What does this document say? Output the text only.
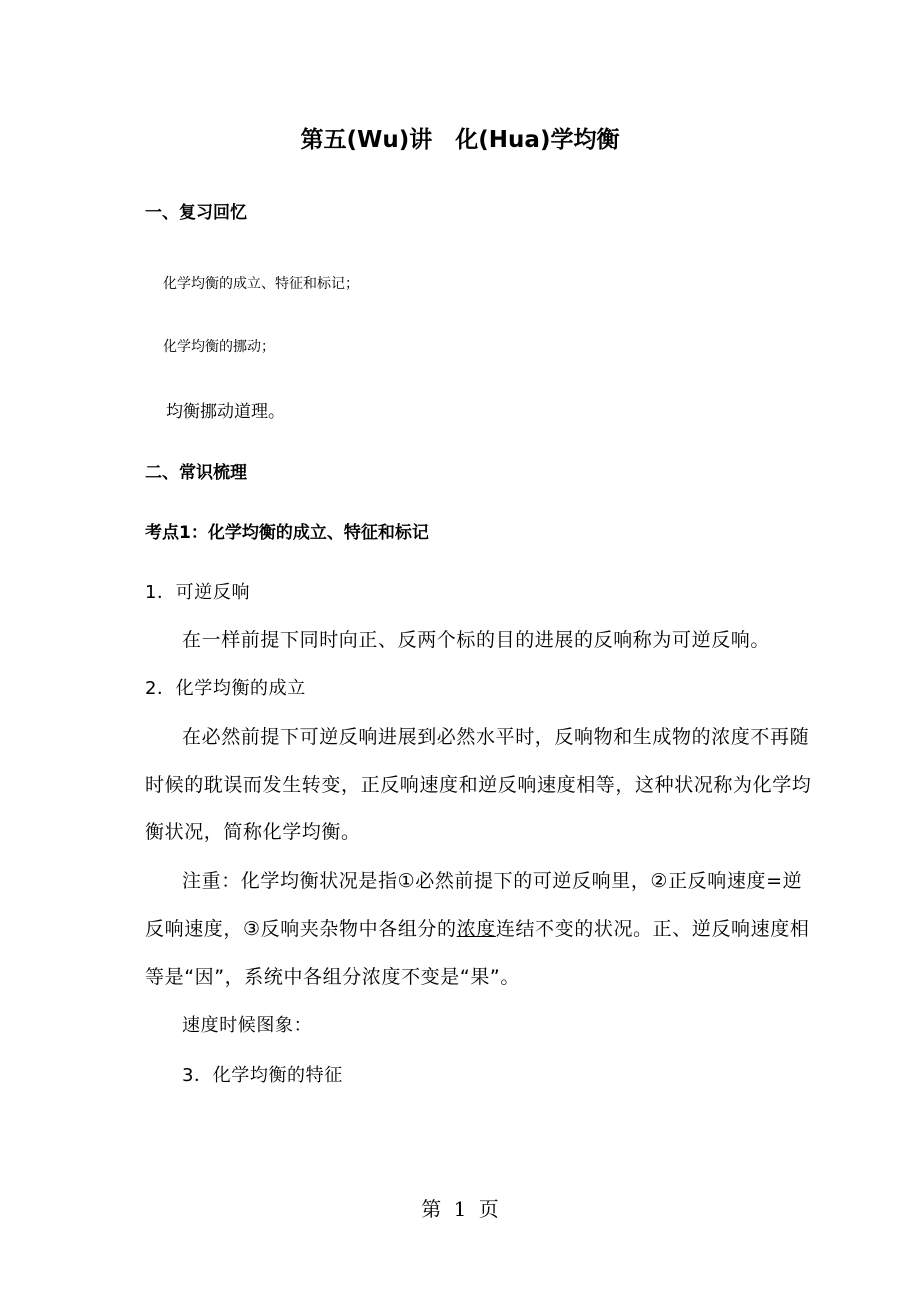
第五(Wu)讲　化(Hua)学均衡
一、复习回忆
化学均衡的成立、特征和标记；
化学均衡的挪动；
均衡挪动道理。
二、常识梳理
考点1：化学均衡的成立、特征和标记
1．可逆反响
在一样前提下同时向正、反两个标的目的进展的反响称为可逆反响。
2．化学均衡的成立
在必然前提下可逆反响进展到必然水平时，反响物和生成物的浓度不再随
时候的耽误而发生转变，正反响速度和逆反响速度相等，这种状况称为化学均
衡状况，简称化学均衡。
注重：化学均衡状况是指①必然前提下的可逆反响里，②正反响速度=逆
反响速度，③反响夹杂物中各组分的浓度连结不变的状况。正、逆反响速度相
等是“因”，系统中各组分浓度不变是“果”。
速度时候图象：
3．化学均衡的特征
第 1 页
